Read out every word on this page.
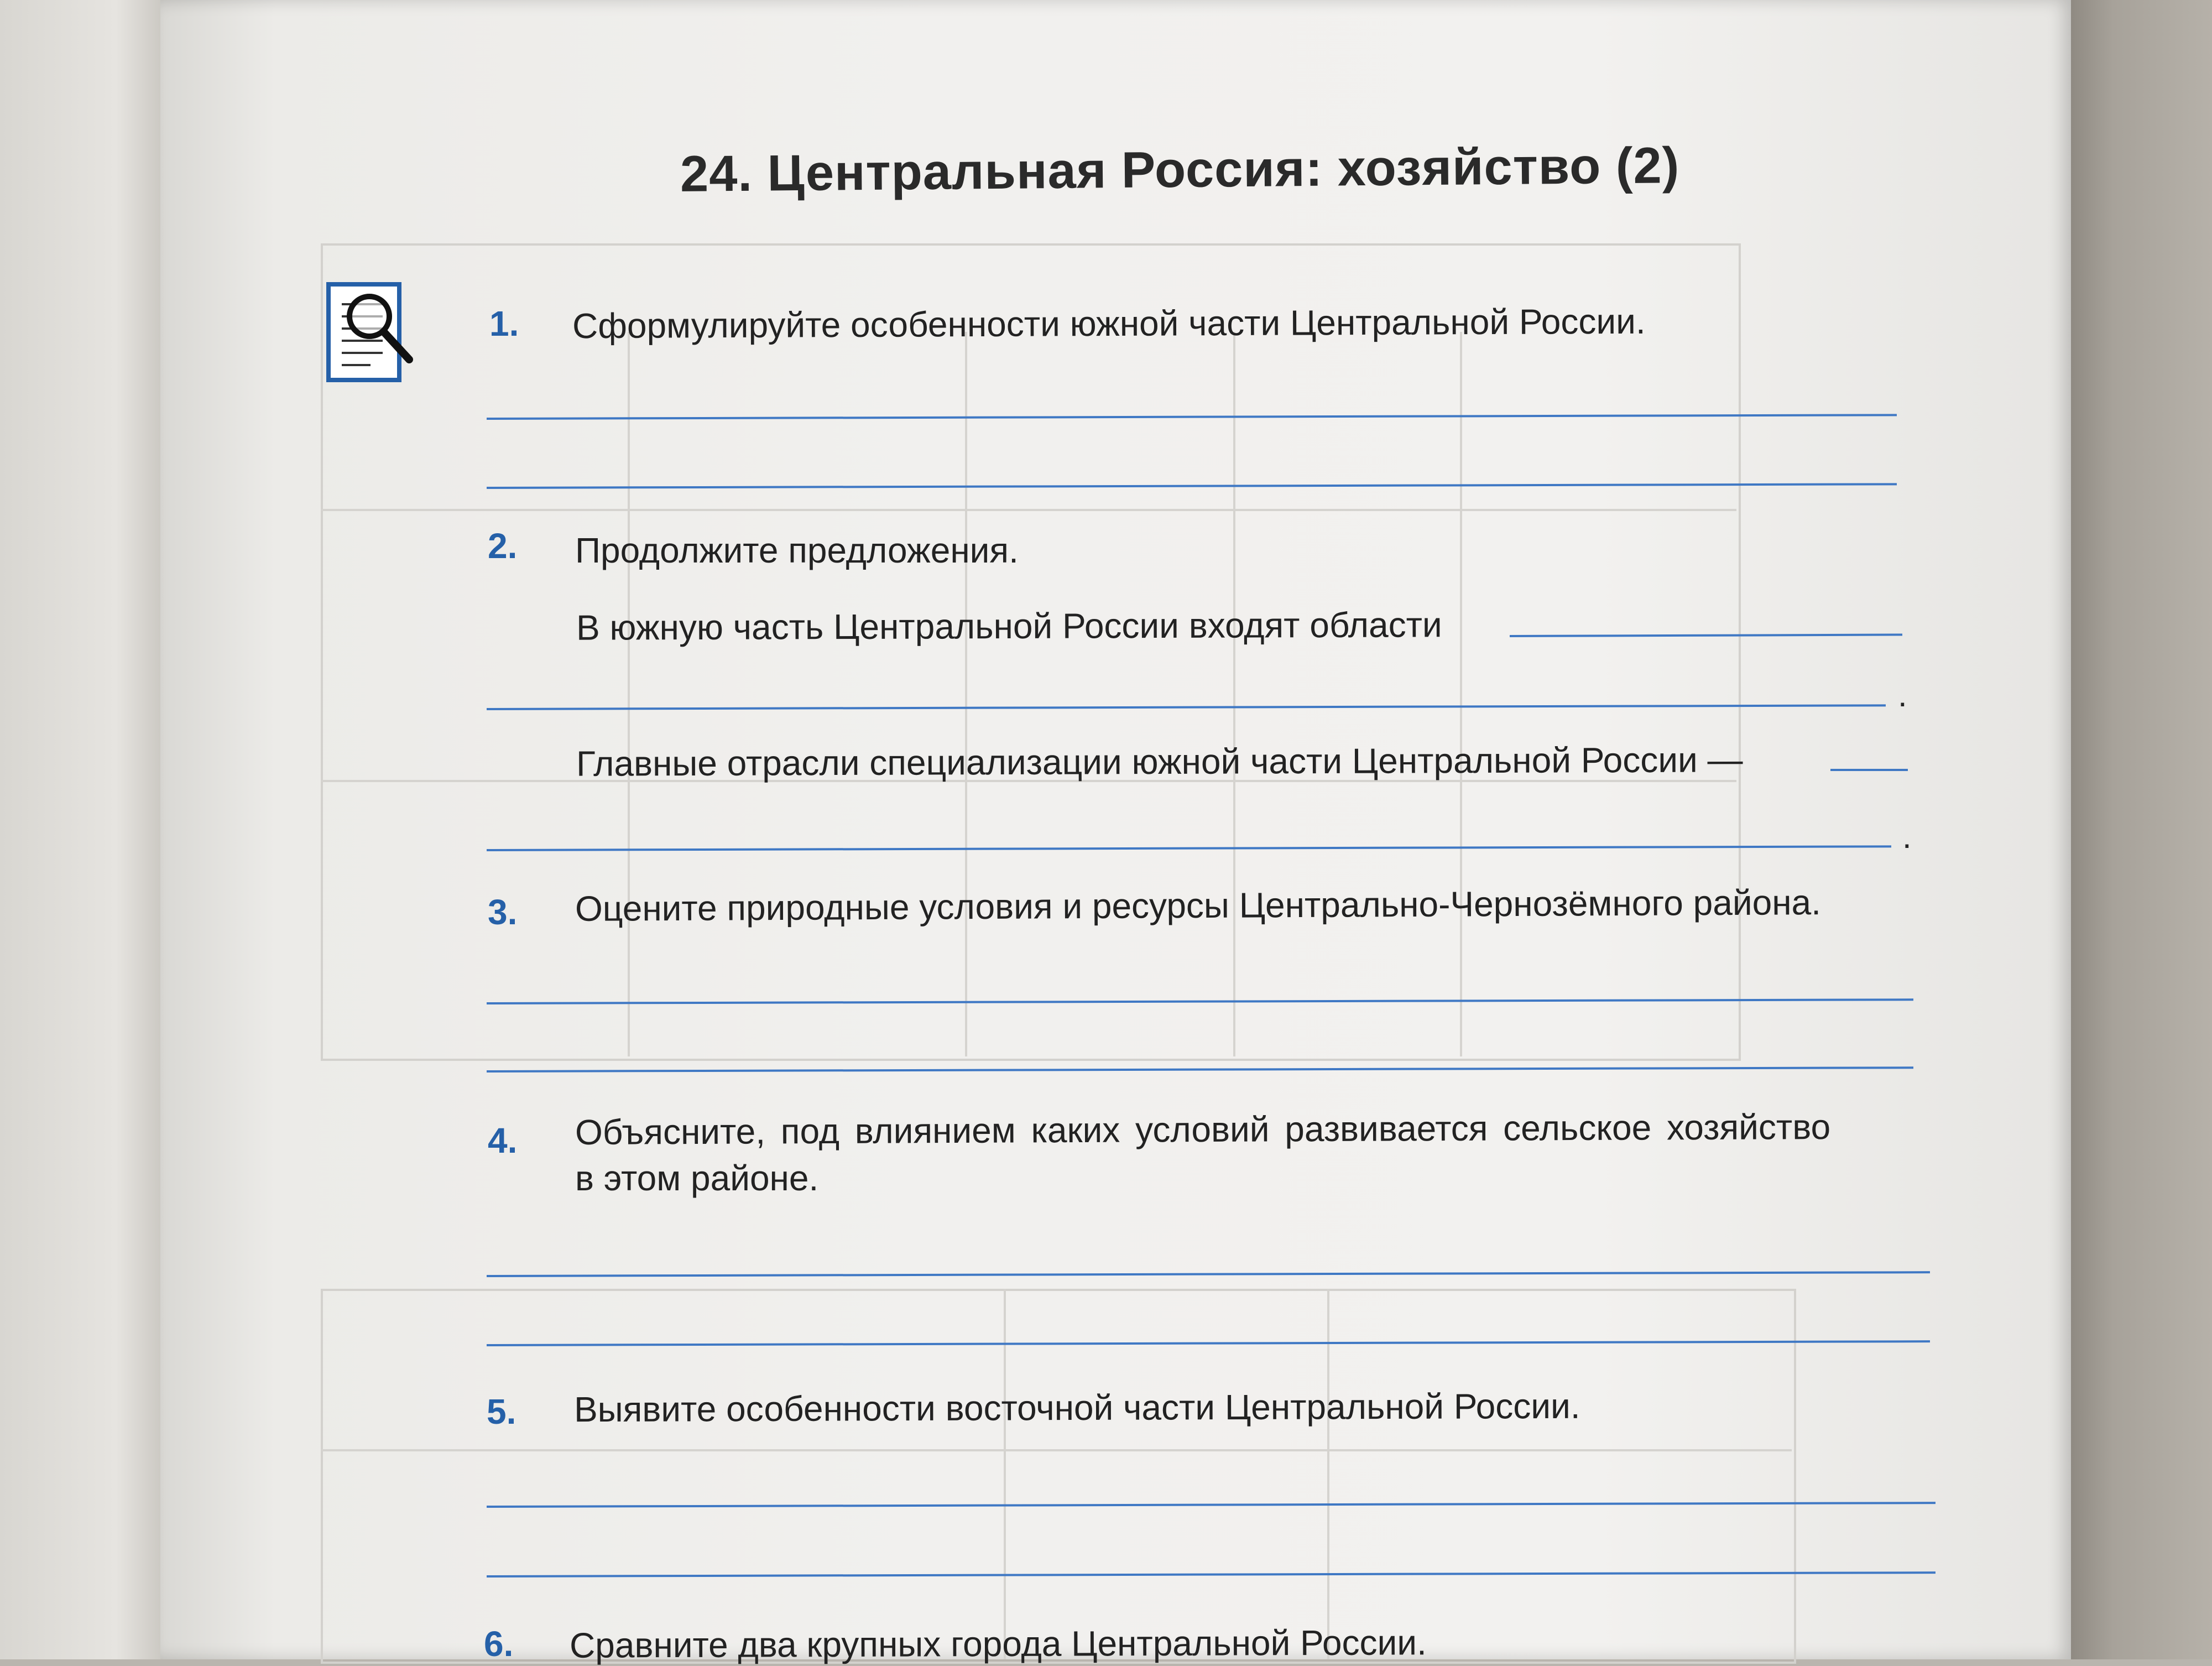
24. Центральная Россия: хозяйство (2)
1. Сформулируйте особенности южной части Центральной России.
2. Продолжите предложения.
В южную часть Центральной России входят области
.
Главные отрасли специализации южной части Центральной России —
.
3. Оцените природные условия и ресурсы Центрально-Чернозёмного района.
4. Объясните, под влиянием каких условий развивается сельское хозяйство
в этом районе.
5. Выявите особенности восточной части Центральной России.
6. Сравните два крупных города Центральной России.
